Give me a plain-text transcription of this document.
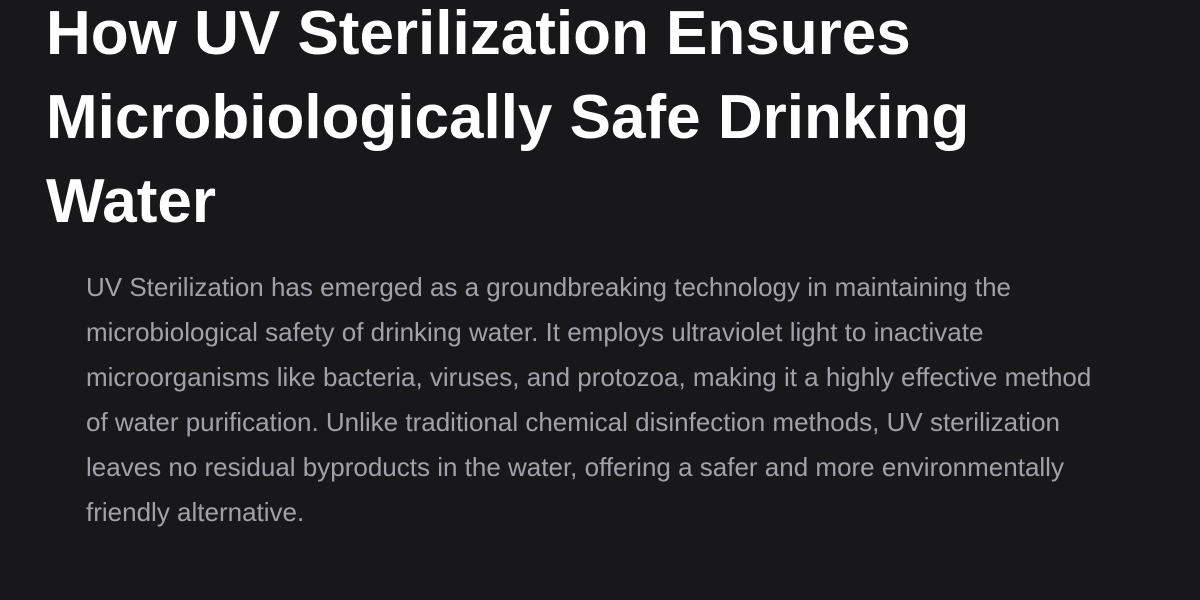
How UV Sterilization Ensures Microbiologically Safe Drinking Water

UV Sterilization has emerged as a groundbreaking technology in maintaining the microbiological safety of drinking water. It employs ultraviolet light to inactivate microorganisms like bacteria, viruses, and protozoa, making it a highly effective method of water purification. Unlike traditional chemical disinfection methods, UV sterilization leaves no residual byproducts in the water, offering a safer and more environmentally friendly alternative.
